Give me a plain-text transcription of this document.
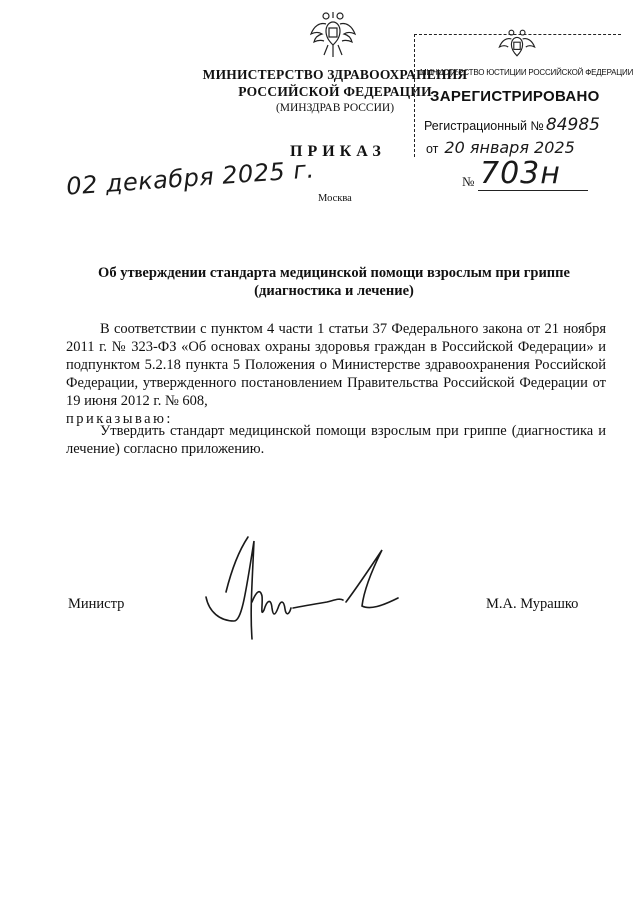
МИНИСТЕРСТВО ЗДРАВООХРАНЕНИЯ
РОССИЙСКОЙ ФЕДЕРАЦИИ
(МИНЗДРАВ РОССИИ)
МИНИСТЕРСТВО ЮСТИЦИИ РОССИЙСКОЙ ФЕДЕРАЦИИ
ЗАРЕГИСТРИРОВАНО
Регистрационный № 84985
от 20 января 2025
ПРИКАЗ
02 декабря 2025 г. Москва
№ 703н
Об утверждении стандарта медицинской помощи взрослым при гриппе
(диагностика и лечение)
В соответствии с пунктом 4 части 1 статьи 37 Федерального закона от 21 ноября 2011 г. № 323-ФЗ «Об основах охраны здоровья граждан в Российской Федерации» и подпунктом 5.2.18 пункта 5 Положения о Министерстве здравоохранения Российской Федерации, утвержденного постановлением Правительства Российской Федерации от 19 июня 2012 г. № 608,
приказываю:
Утвердить стандарт медицинской помощи взрослым при гриппе (диагностика и лечение) согласно приложению.
Министр	М.А. Мурашко
